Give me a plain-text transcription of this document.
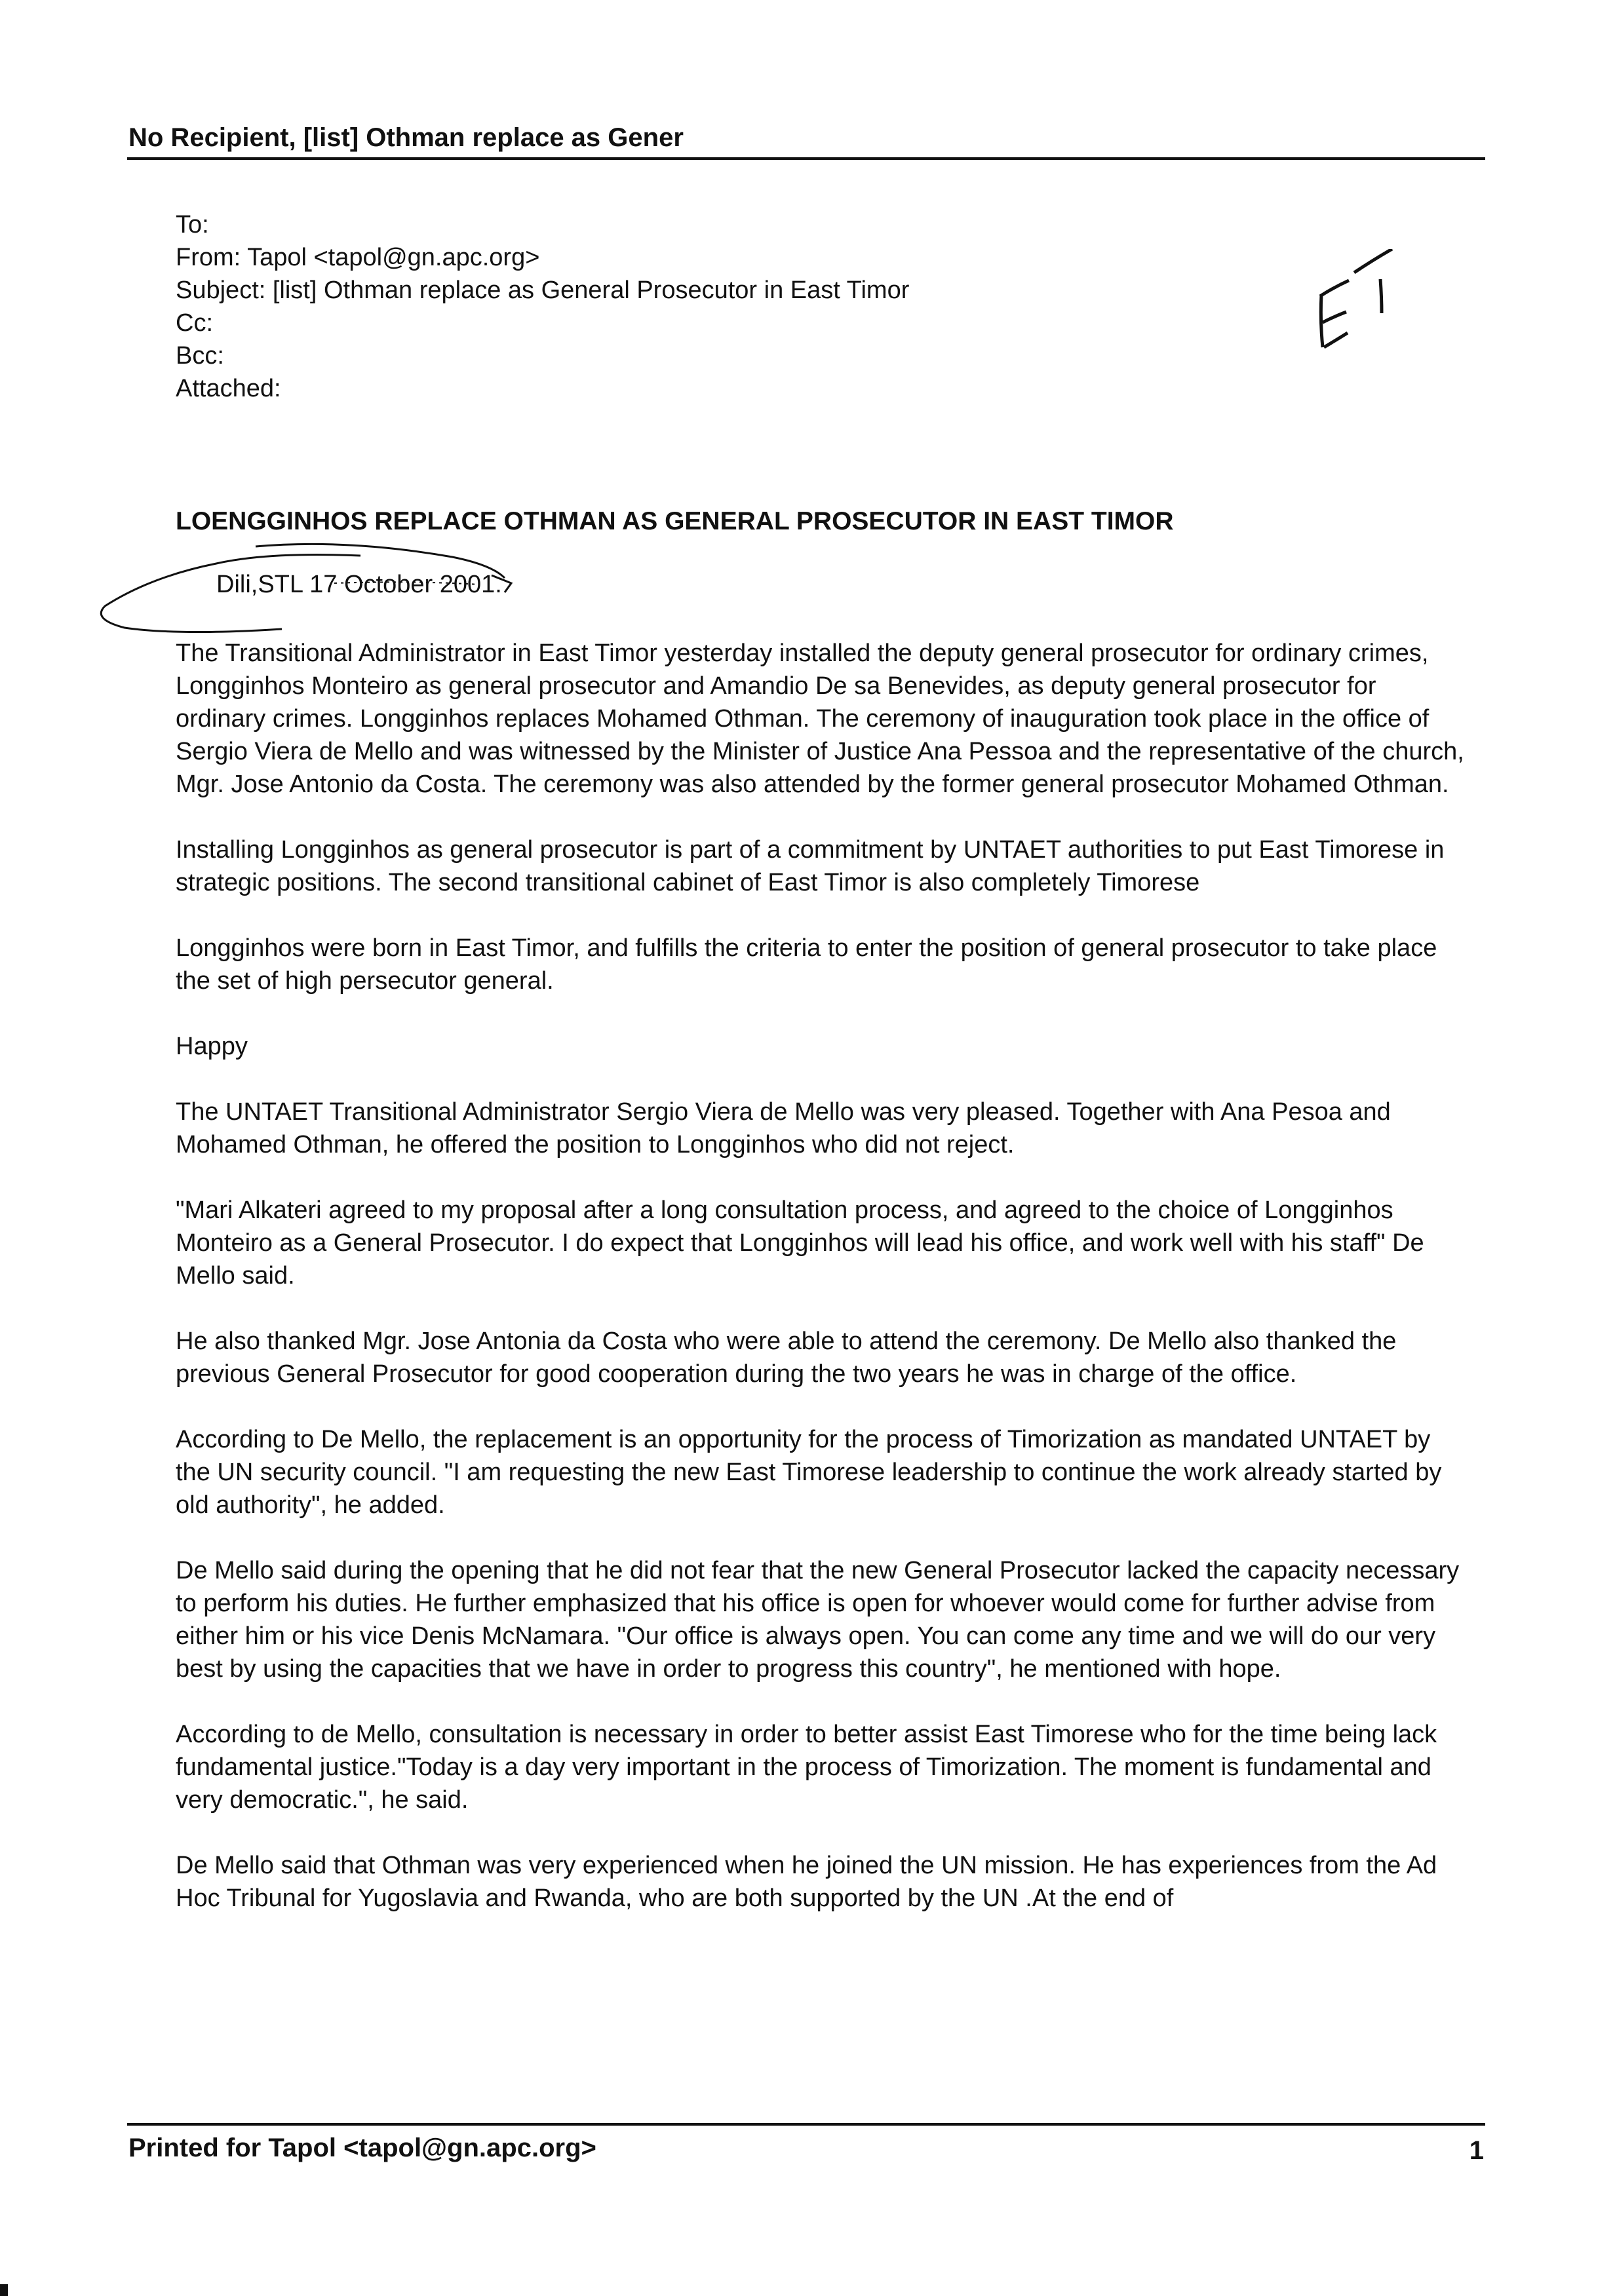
No Recipient, [list] Othman replace as Gener
To:
From: Tapol <tapol@gn.apc.org>
Subject: [list] Othman replace as General Prosecutor in East Timor
Cc:
Bcc:
Attached:
LOENGGINHOS REPLACE OTHMAN AS GENERAL PROSECUTOR IN EAST TIMOR
Dili,STL 17 October 2001.

The Transitional Administrator in East Timor yesterday installed the deputy general prosecutor for ordinary crimes, Longginhos Monteiro as general prosecutor and Amandio De sa Benevides, as deputy general prosecutor for ordinary crimes. Longginhos replaces Mohamed Othman. The ceremony of inauguration took place in the office of Sergio Viera de Mello and was witnessed by the Minister of Justice Ana Pessoa and the representative of the church, Mgr. Jose Antonio da Costa. The ceremony was also attended by the former general prosecutor Mohamed Othman.

Installing Longginhos as general prosecutor is part of a commitment by UNTAET authorities to put East Timorese in strategic positions. The second transitional cabinet of East Timor is also completely Timorese

Longginhos were born in East Timor, and fulfills the criteria to enter the position of general prosecutor to take place the set of high persecutor general.

Happy

The UNTAET Transitional Administrator Sergio Viera de Mello was very pleased. Together with Ana Pesoa and Mohamed Othman, he offered the position to Longginhos who did not reject.

"Mari Alkateri agreed to my proposal after a long consultation process, and agreed to the choice of Longginhos Monteiro as a General Prosecutor. I do expect that Longginhos will lead his office, and work well with his staff" De Mello said.

He also thanked Mgr. Jose Antonia da Costa who were able to attend the ceremony. De Mello also thanked the previous General Prosecutor for good cooperation during the two years he was in charge of the office.

According to De Mello, the replacement is an opportunity for the process of Timorization as mandated UNTAET by the UN security council. "I am requesting the new East Timorese leadership to continue the work already started by old authority", he added.

De Mello said during the opening that he did not fear that the new General Prosecutor lacked the capacity necessary to perform his duties. He further emphasized that his office is open for whoever would come for further advise from either him or his vice Denis McNamara. "Our office is always open. You can come any time and we will do our very best by using the capacities that we have in order to progress this country", he mentioned with hope.

According to de Mello, consultation is necessary in order to better assist East Timorese who for the time being lack fundamental justice."Today is a day very important in the process of Timorization. The moment is fundamental and very democratic.", he said.

De Mello said that Othman was very experienced when he joined the UN mission. He has experiences from the Ad Hoc Tribunal for Yugoslavia and Rwanda, who are both supported by the UN .At the end of

Printed for Tapol <tapol@gn.apc.org>	1
